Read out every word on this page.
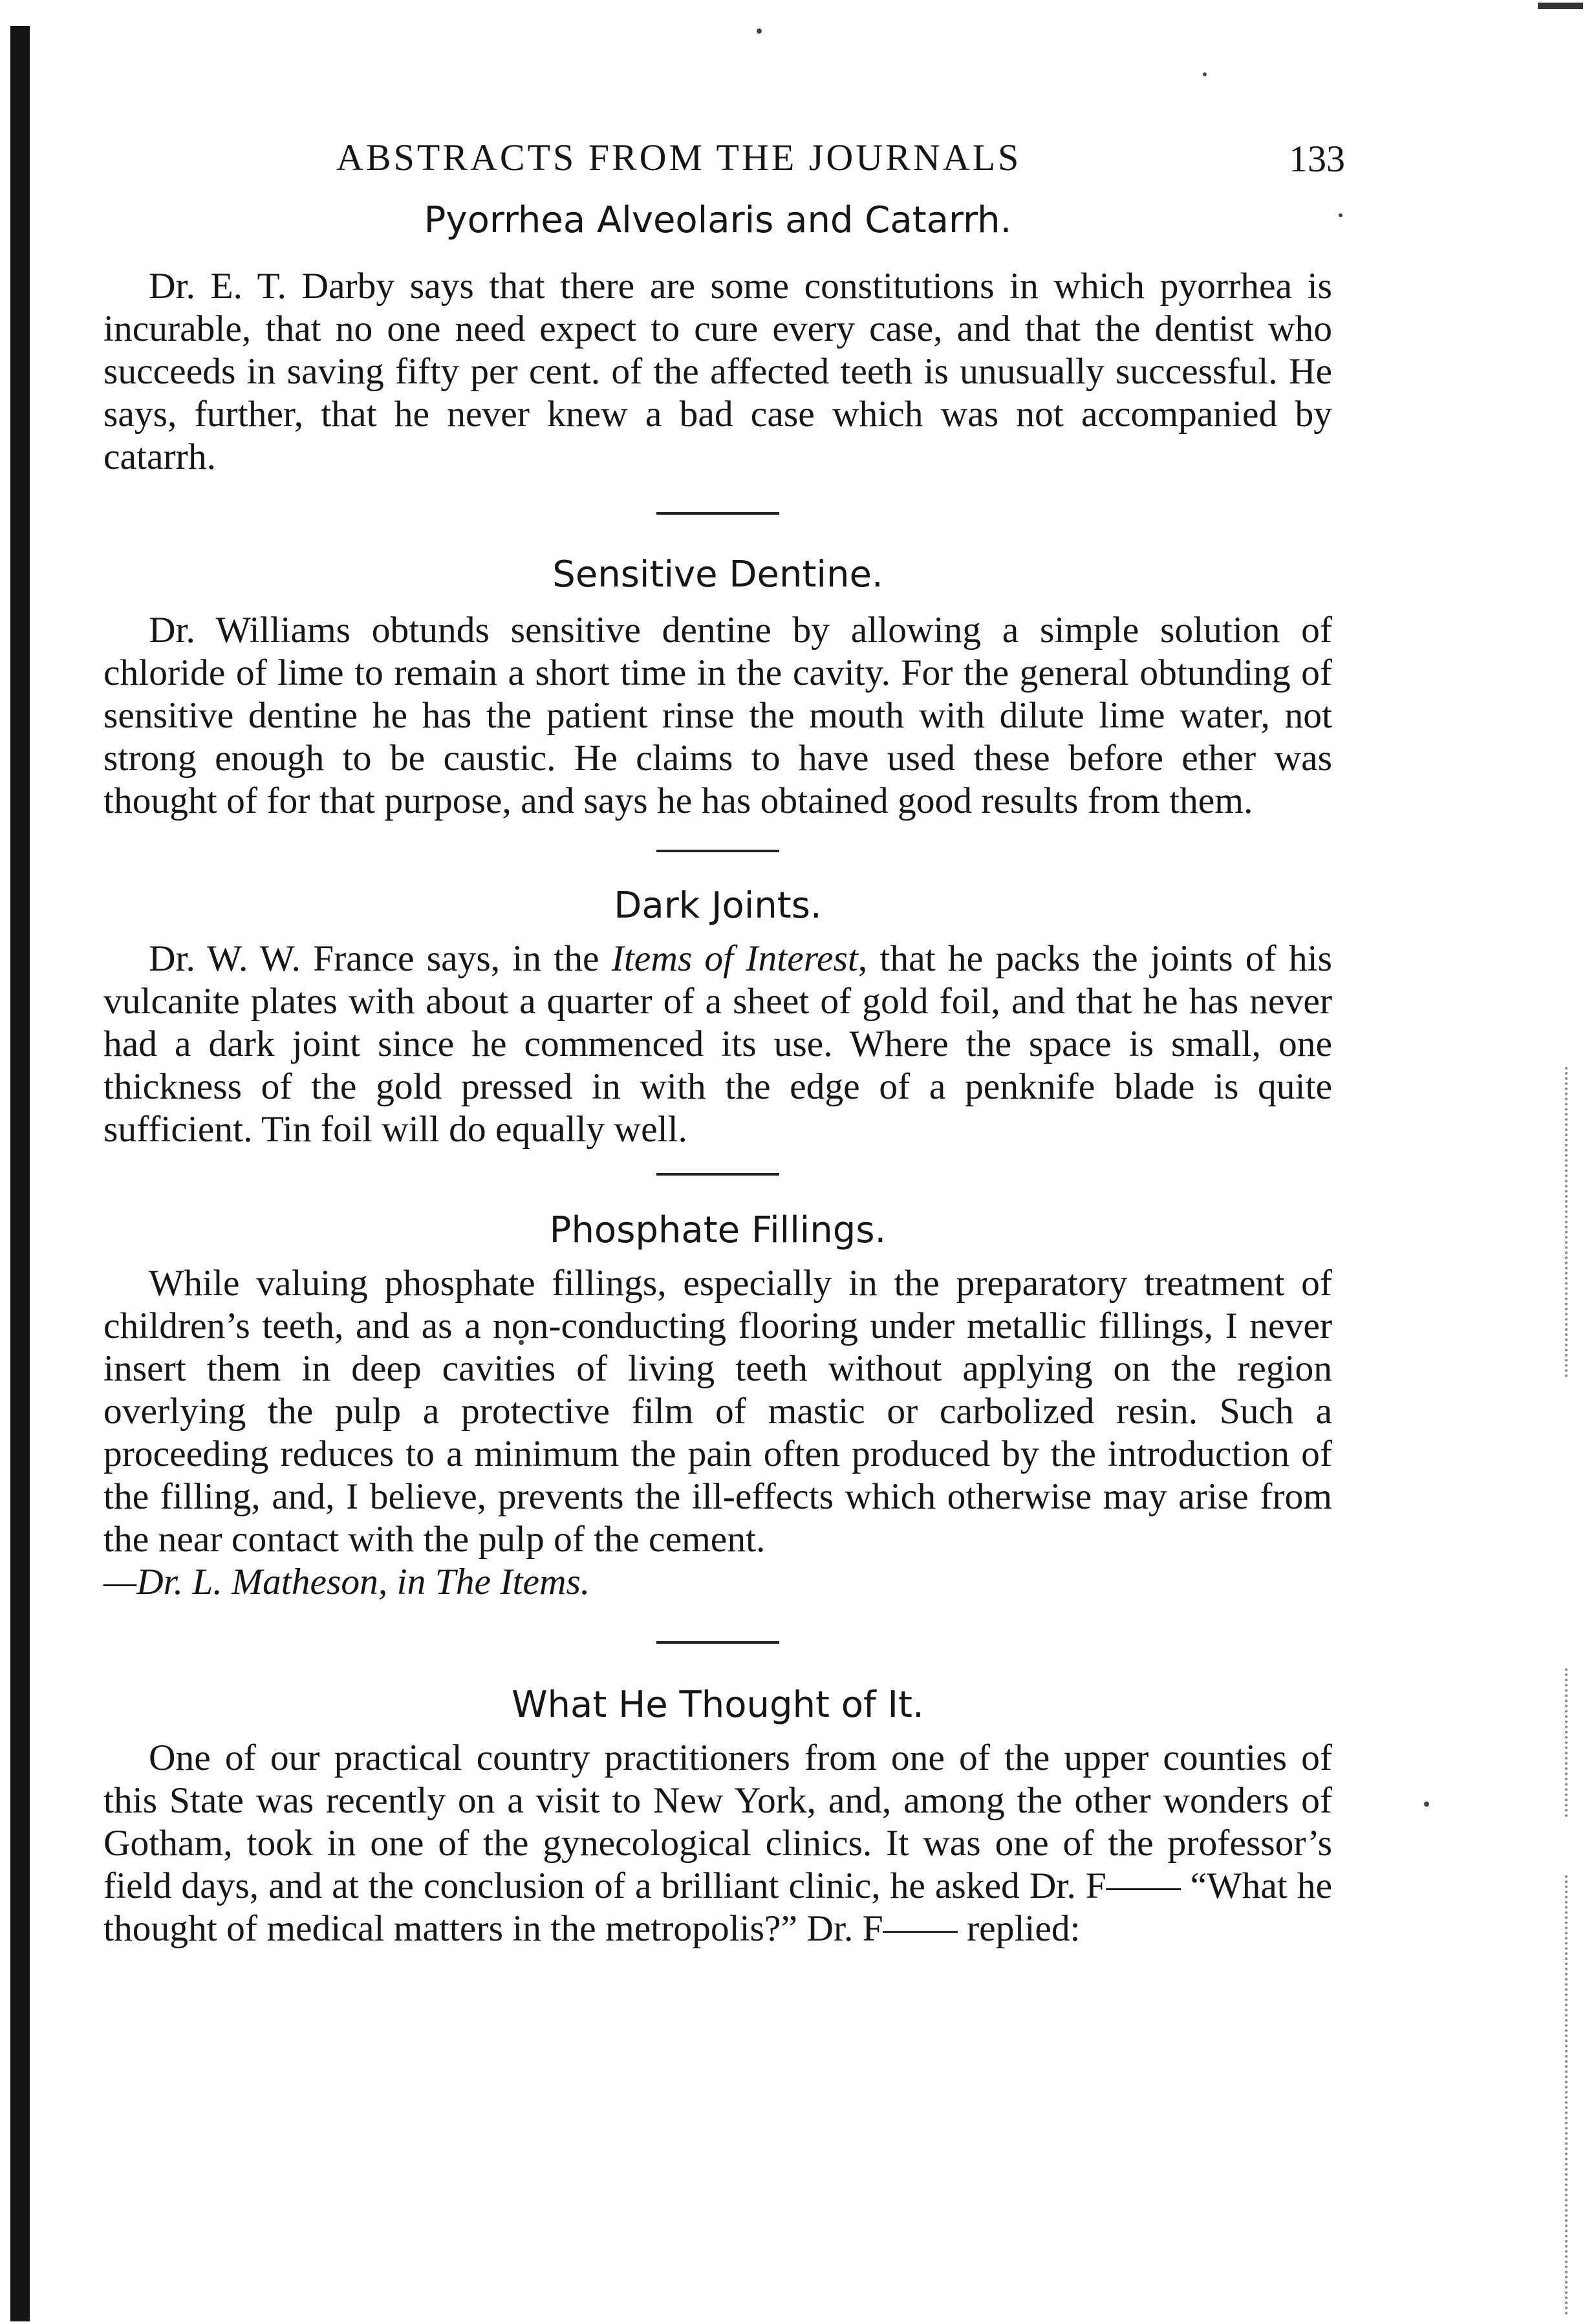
ABSTRACTS FROM THE JOURNALS	133
Pyorrhea Alveolaris and Catarrh.

Dr. E. T. Darby says that there are some constitutions in which pyorrhea is incurable, that no one need expect to cure every case, and that the dentist who succeeds in saving fifty per cent. of the affected teeth is unusually successful. He says, further, that he never knew a bad case which was not accompanied by catarrh.

Sensitive Dentine.

Dr. Williams obtunds sensitive dentine by allowing a simple solution of chloride of lime to remain a short time in the cavity. For the general obtunding of sensitive dentine he has the patient rinse the mouth with dilute lime water, not strong enough to be caustic. He claims to have used these before ether was thought of for that purpose, and says he has obtained good results from them.

Dark Joints.

Dr. W. W. France says, in the Items of Interest, that he packs the joints of his vulcanite plates with about a quarter of a sheet of gold foil, and that he has never had a dark joint since he commenced its use. Where the space is small, one thickness of the gold pressed in with the edge of a penknife blade is quite sufficient. Tin foil will do equally well.

Phosphate Fillings.

While valuing phosphate fillings, especially in the preparatory treatment of children’s teeth, and as a non-conducting flooring under metallic fillings, I never insert them in deep cavities of living teeth without applying on the region overlying the pulp a protective film of mastic or carbolized resin. Such a proceeding reduces to a minimum the pain often produced by the introduction of the filling, and, I believe, prevents the ill-effects which otherwise may arise from the near contact with the pulp of the cement.

—Dr. L. Matheson, in The Items.

What He Thought of It.

One of our practical country practitioners from one of the upper counties of this State was recently on a visit to New York, and, among the other wonders of Gotham, took in one of the gynecological clinics. It was one of the professor’s field days, and at the conclusion of a brilliant clinic, he asked Dr. F—— “What he thought of medical matters in the metropolis?” Dr. F—— replied:
